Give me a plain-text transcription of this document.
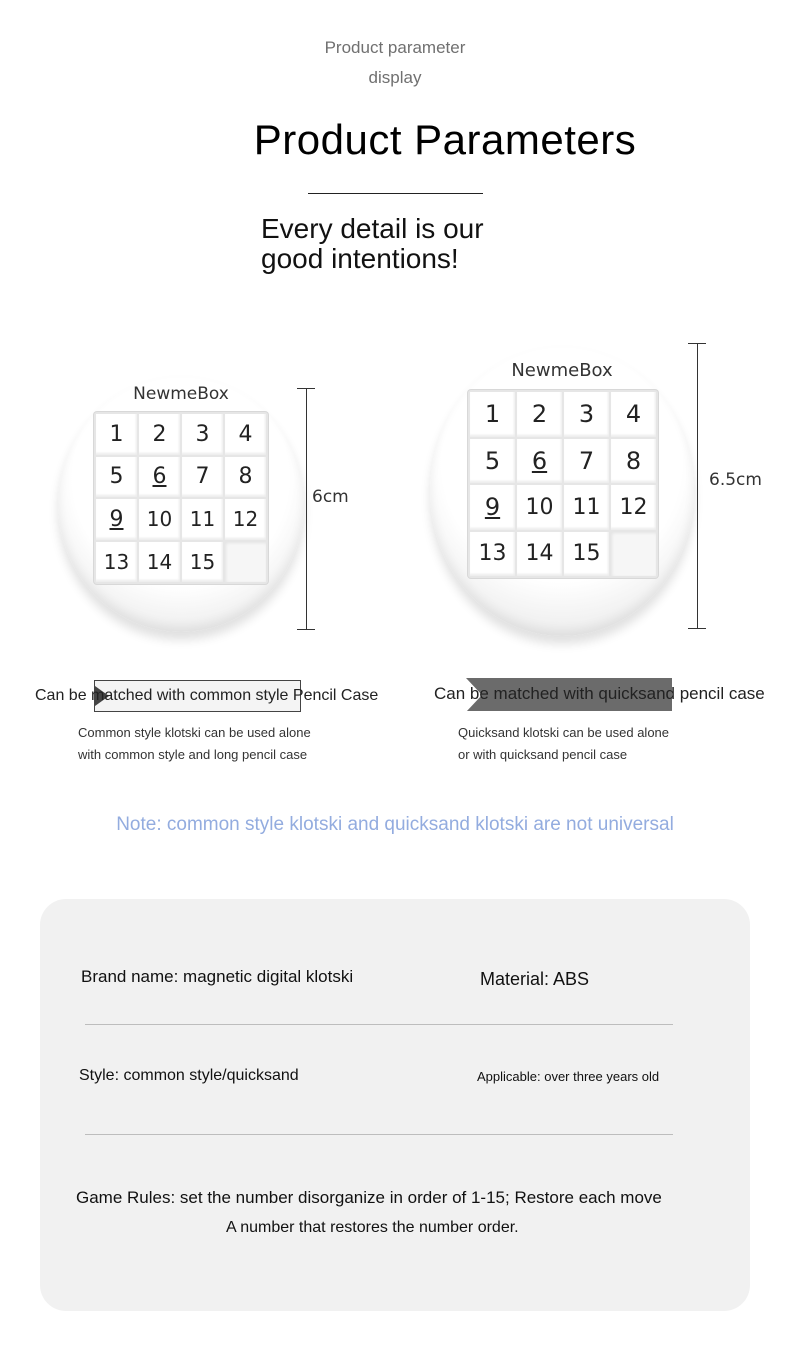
Product parameter
display
Product Parameters
Every detail is our
good intentions!
NewmeBox
1	2	3	4
5	6	7	8
9	10 11 12
13 14 15
6cm
NewmeBox
1	2	3	4
5	6	7	8
9	10 11 12
13 14 15
6.5cm
Can be matched with common style Pencil Case	Can be matched with quicksand pencil case
Common style klotski can be used alone
with common style and long pencil case
Quicksand klotski can be used alone
or with quicksand pencil case
Note: common style klotski and quicksand klotski are not universal
Brand name: magnetic digital klotski	Material: ABS
Style: common style/quicksand	Applicable: over three years old
Game Rules: set the number disorganize in order of 1-15; Restore each move
A number that restores the number order.
